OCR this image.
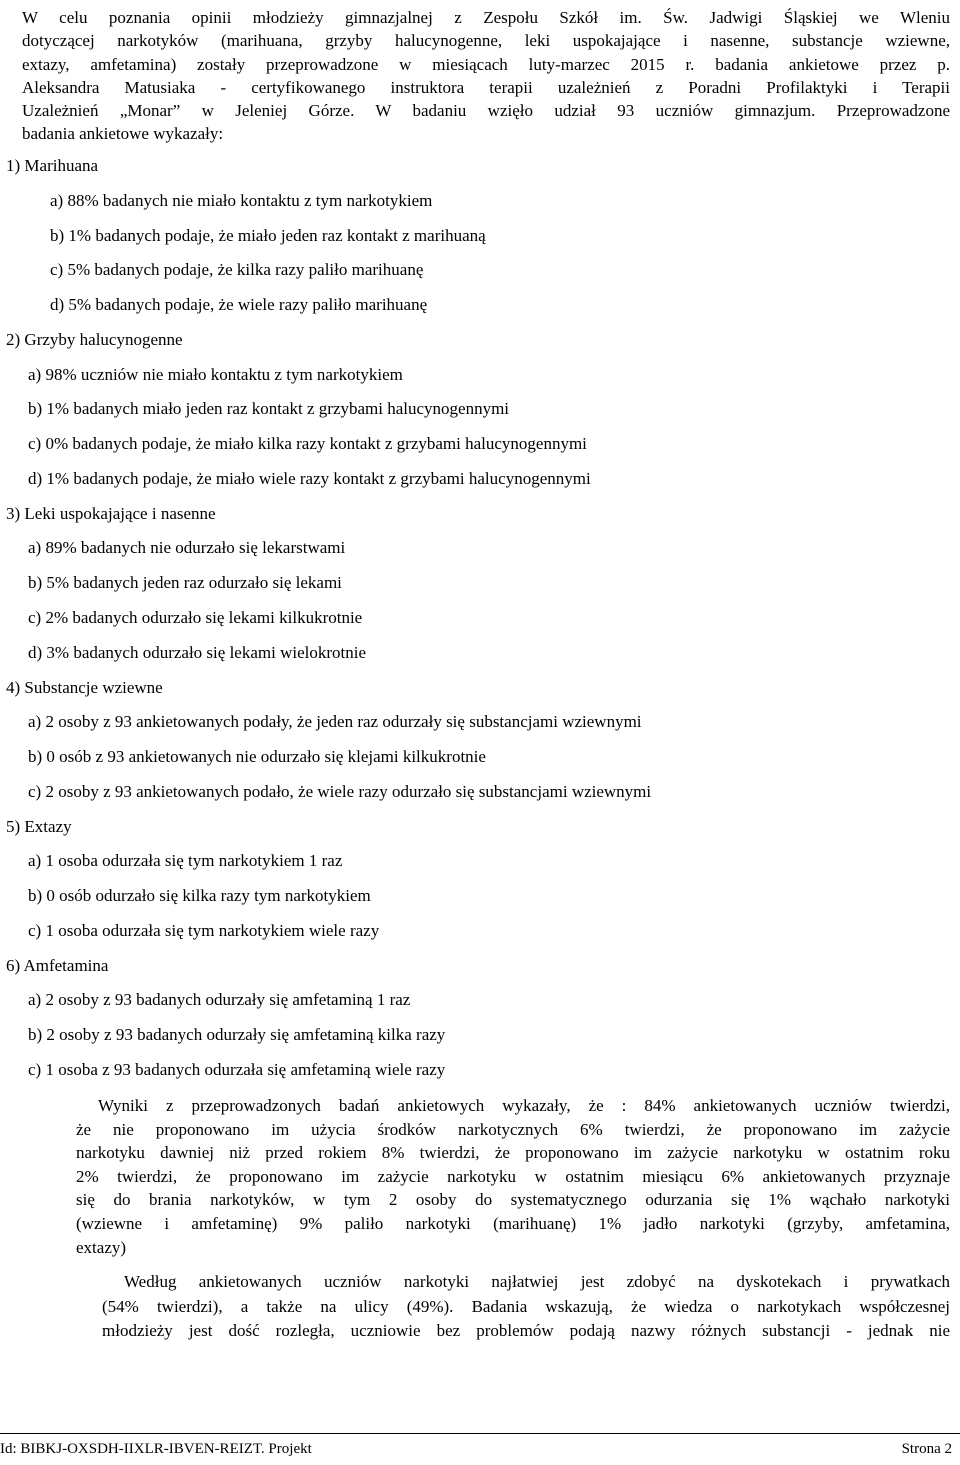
W celu poznania opinii młodzieży gimnazjalnej z Zespołu Szkół im. Św. Jadwigi Śląskiej we Wleniu
dotyczącej narkotyków (marihuana, grzyby halucynogenne, leki uspokajające i nasenne, substancje wziewne,
extazy, amfetamina) zostały przeprowadzone w miesiącach luty-marzec 2015 r. badania ankietowe przez p.
Aleksandra Matusiaka - certyfikowanego instruktora terapii uzależnień z Poradni Profilaktyki i Terapii
Uzależnień „Monar” w Jeleniej Górze. W badaniu wzięło udział 93 uczniów gimnazjum. Przeprowadzone
badania ankietowe wykazały:

1) Marihuana

a) 88% badanych nie miało kontaktu z tym narkotykiem

b) 1% badanych podaje, że miało jeden raz kontakt z marihuaną

c) 5% badanych podaje, że kilka razy paliło marihuanę

d) 5% badanych podaje, że wiele razy paliło marihuanę

2) Grzyby halucynogenne

a) 98% uczniów nie miało kontaktu z tym narkotykiem

b) 1% badanych miało jeden raz kontakt z grzybami halucynogennymi

c) 0% badanych podaje, że miało kilka razy kontakt z grzybami halucynogennymi

d) 1% badanych podaje, że miało wiele razy kontakt z grzybami halucynogennymi

3) Leki uspokajające i nasenne

a) 89% badanych nie odurzało się lekarstwami

b) 5% badanych jeden raz odurzało się lekami

c) 2% badanych odurzało się lekami kilkukrotnie

d) 3% badanych odurzało się lekami wielokrotnie

4) Substancje wziewne

a) 2 osoby z 93 ankietowanych podały, że jeden raz odurzały się substancjami wziewnymi

b) 0 osób z 93 ankietowanych nie odurzało się klejami kilkukrotnie

c) 2 osoby z 93 ankietowanych podało, że wiele razy odurzało się substancjami wziewnymi

5) Extazy

a) 1 osoba odurzała się tym narkotykiem 1 raz

b) 0 osób odurzało się kilka razy tym narkotykiem

c) 1 osoba odurzała się tym narkotykiem wiele razy

6) Amfetamina

a) 2 osoby z 93 badanych odurzały się amfetaminą 1 raz

b) 2 osoby z 93 badanych odurzały się amfetaminą kilka razy

c) 1 osoba z 93 badanych odurzała się amfetaminą wiele razy

Wyniki z przeprowadzonych badań ankietowych wykazały, że : 84% ankietowanych uczniów twierdzi,
że nie proponowano im użycia środków narkotycznych 6% twierdzi, że proponowano im zażycie
narkotyku dawniej niż przed rokiem 8% twierdzi, że proponowano im zażycie narkotyku w ostatnim roku
2% twierdzi, że proponowano im zażycie narkotyku w ostatnim miesiącu 6% ankietowanych przyznaje
się do brania narkotyków, w tym 2 osoby do systematycznego odurzania się 1% wąchało narkotyki
(wziewne i amfetaminę) 9% paliło narkotyki (marihuanę) 1% jadło narkotyki (grzyby, amfetamina,
extazy)

Według ankietowanych uczniów narkotyki najłatwiej jest zdobyć na dyskotekach i prywatkach
(54% twierdzi), a także na ulicy (49%). Badania wskazują, że wiedza o narkotykach współczesnej
młodzieży jest dość rozległa, uczniowie bez problemów podają nazwy różnych substancji - jednak nie

Id: BIBKJ-OXSDH-IIXLR-IBVEN-REIZT. Projekt	Strona 2
